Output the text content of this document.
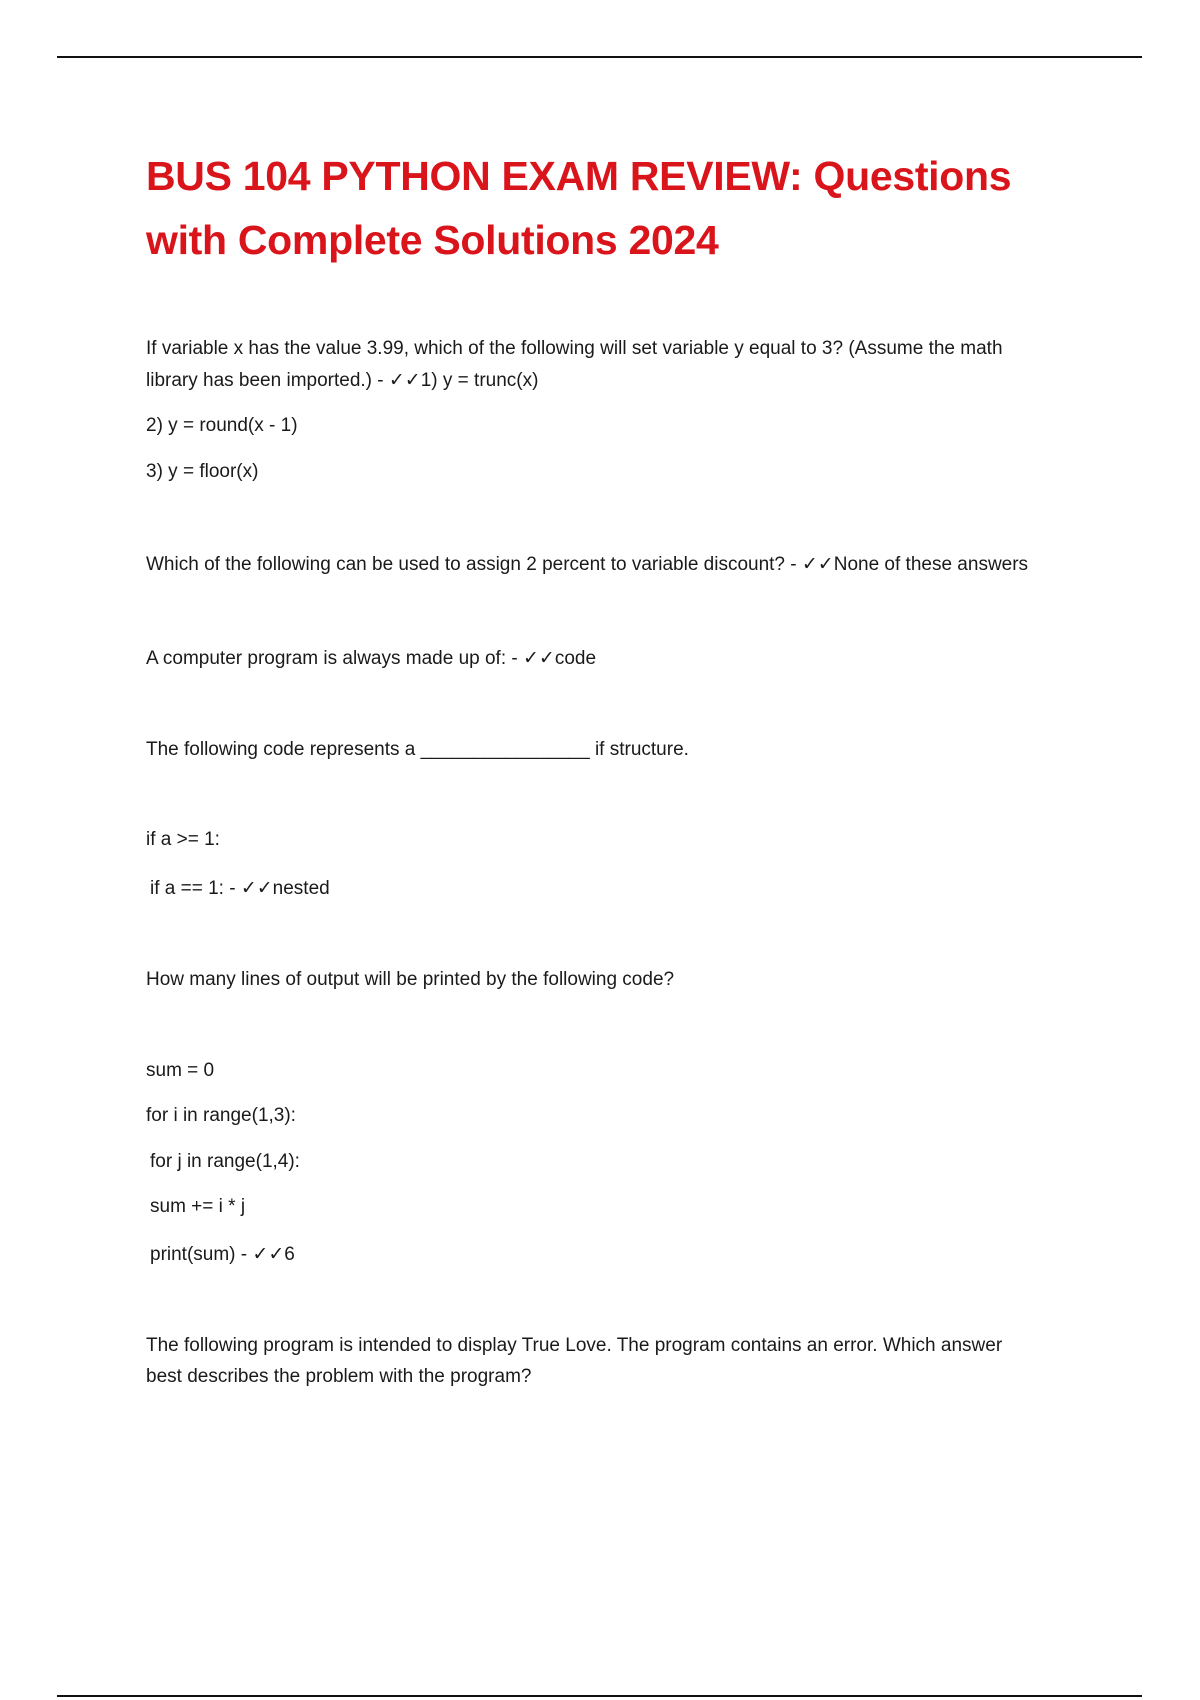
BUS 104 PYTHON EXAM REVIEW: Questions
with Complete Solutions 2024
If variable x has the value 3.99, which of the following will set variable y equal to 3? (Assume the math
library has been imported.) - ✓✓1) y = trunc(x)
2) y = round(x - 1)
3) y = floor(x)
Which of the following can be used to assign 2 percent to variable discount? - ✓✓None of these answers
A computer program is always made up of: - ✓✓code
The following code represents a ________________ if structure.
if a >= 1:
if a == 1: - ✓✓nested
How many lines of output will be printed by the following code?
sum = 0
for i in range(1,3):
for j in range(1,4):
sum += i * j
print(sum) - ✓✓6
The following program is intended to display True Love. The program contains an error. Which answer
best describes the problem with the program?
